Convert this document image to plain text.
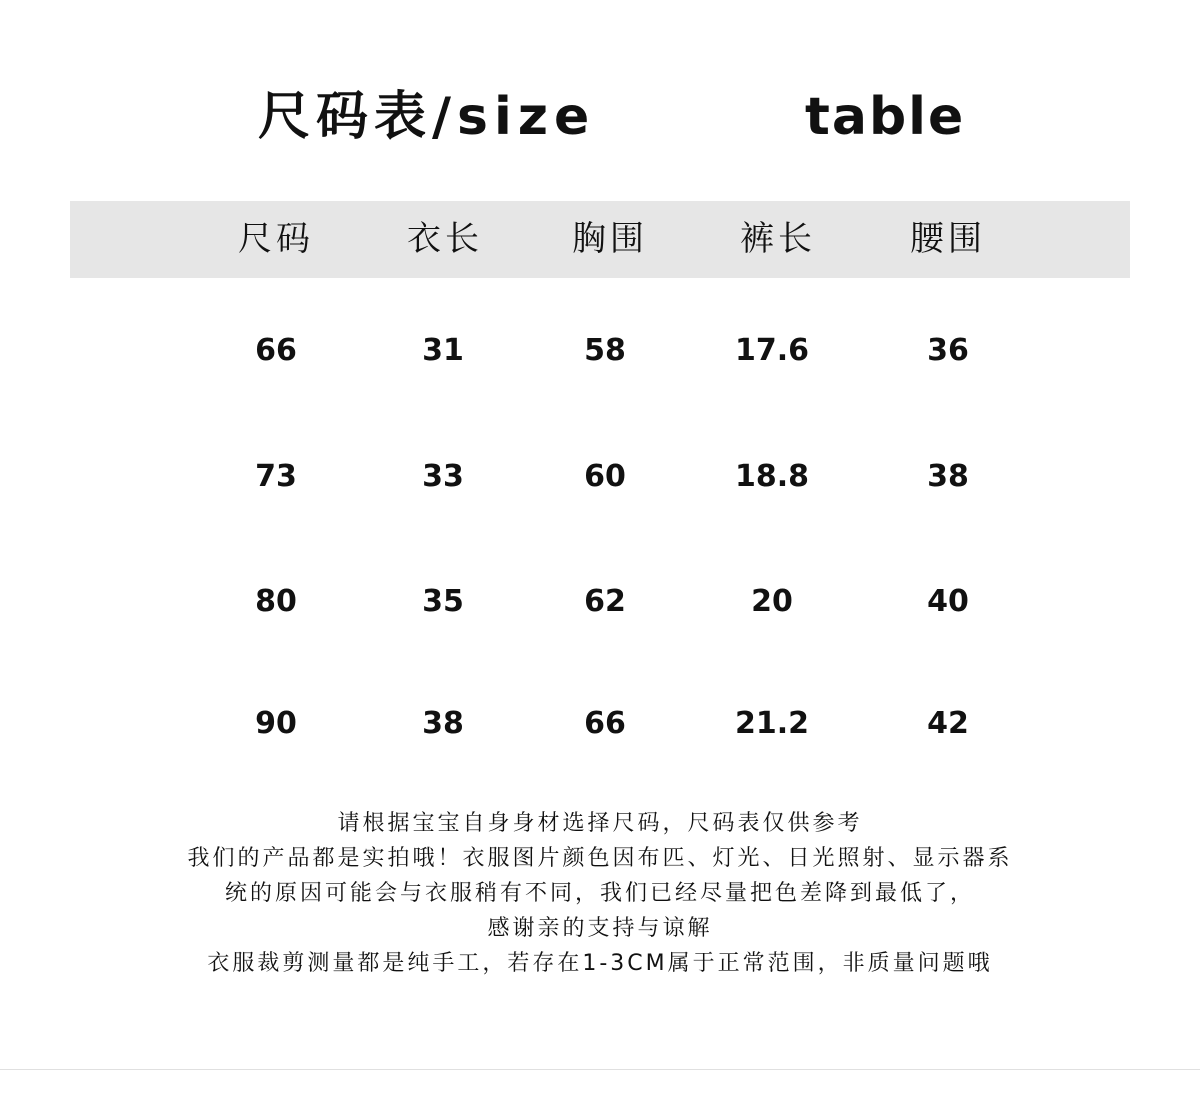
尺码表/size	table
尺码	衣长	胸围	裤长	腰围
66	31	58	17.6	36
73	33	60	18.8	38
80	35	62	20	40
90	38	66	21.2	42
请根据宝宝自身身材选择尺码，尺码表仅供参考
我们的产品都是实拍哦！衣服图片颜色因布匹、灯光、日光照射、显示器系
统的原因可能会与衣服稍有不同，我们已经尽量把色差降到最低了，
感谢亲的支持与谅解
衣服裁剪测量都是纯手工，若存在1-3CM属于正常范围，非质量问题哦
